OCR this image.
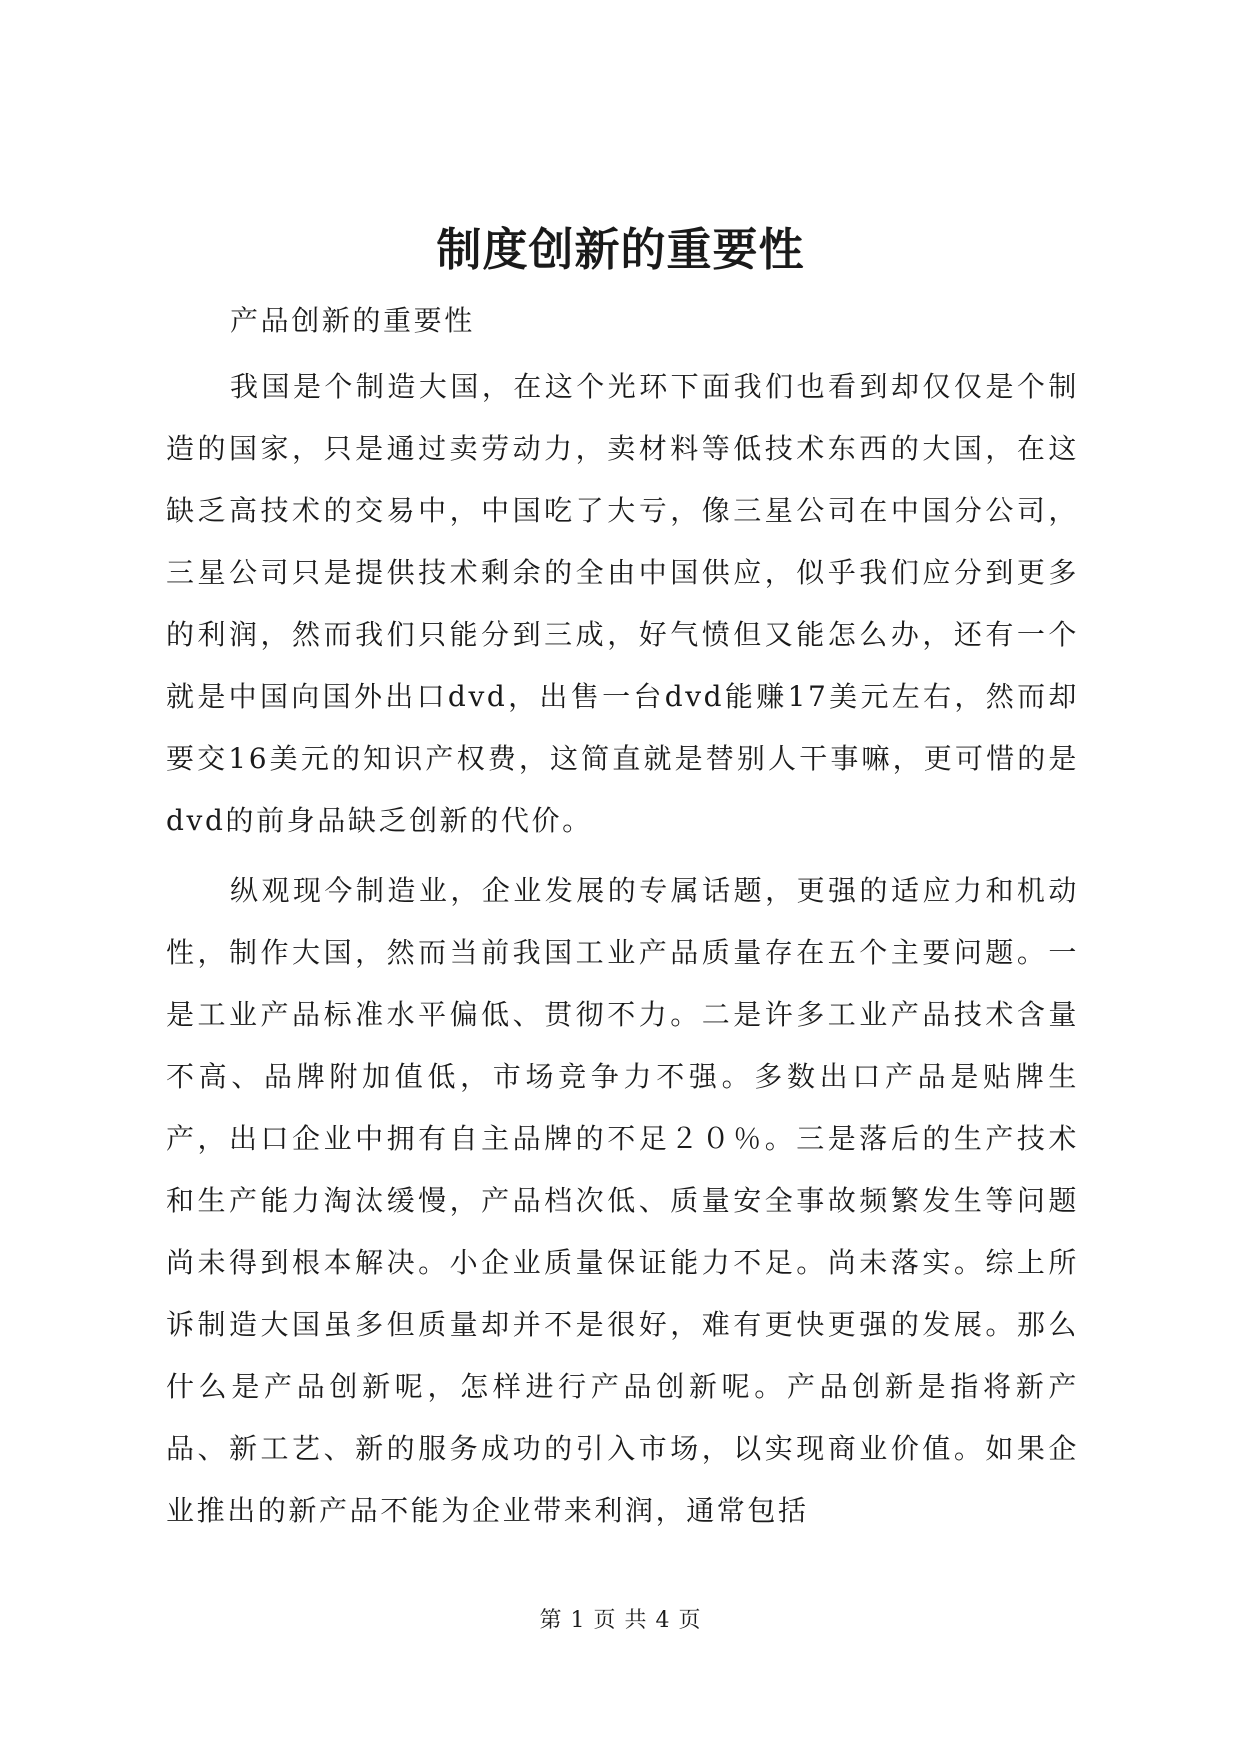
制度创新的重要性

产品创新的重要性

我国是个制造大国，在这个光环下面我们也看到却仅仅是个制造的国家，只是通过卖劳动力，卖材料等低技术东西的大国，在这缺乏高技术的交易中，中国吃了大亏，像三星公司在中国分公司，三星公司只是提供技术剩余的全由中国供应，似乎我们应分到更多的利润，然而我们只能分到三成，好气愤但又能怎么办，还有一个就是中国向国外出口dvd，出售一台dvd能赚17美元左右，然而却要交16美元的知识产权费，这简直就是替别人干事嘛，更可惜的是dvd的前身品缺乏创新的代价。

纵观现今制造业，企业发展的专属话题，更强的适应力和机动性，制作大国，然而当前我国工业产品质量存在五个主要问题。一是工业产品标准水平偏低、贯彻不力。二是许多工业产品技术含量不高、品牌附加值低，市场竞争力不强。多数出口产品是贴牌生产，出口企业中拥有自主品牌的不足２０％。三是落后的生产技术和生产能力淘汰缓慢，产品档次低、质量安全事故频繁发生等问题尚未得到根本解决。小企业质量保证能力不足。尚未落实。综上所诉制造大国虽多但质量却并不是很好，难有更快更强的发展。那么什么是产品创新呢，怎样进行产品创新呢。产品创新是指将新产品、新工艺、新的服务成功的引入市场，以实现商业价值。如果企业推出的新产品不能为企业带来利润，通常包括

第 1 页 共 4 页
